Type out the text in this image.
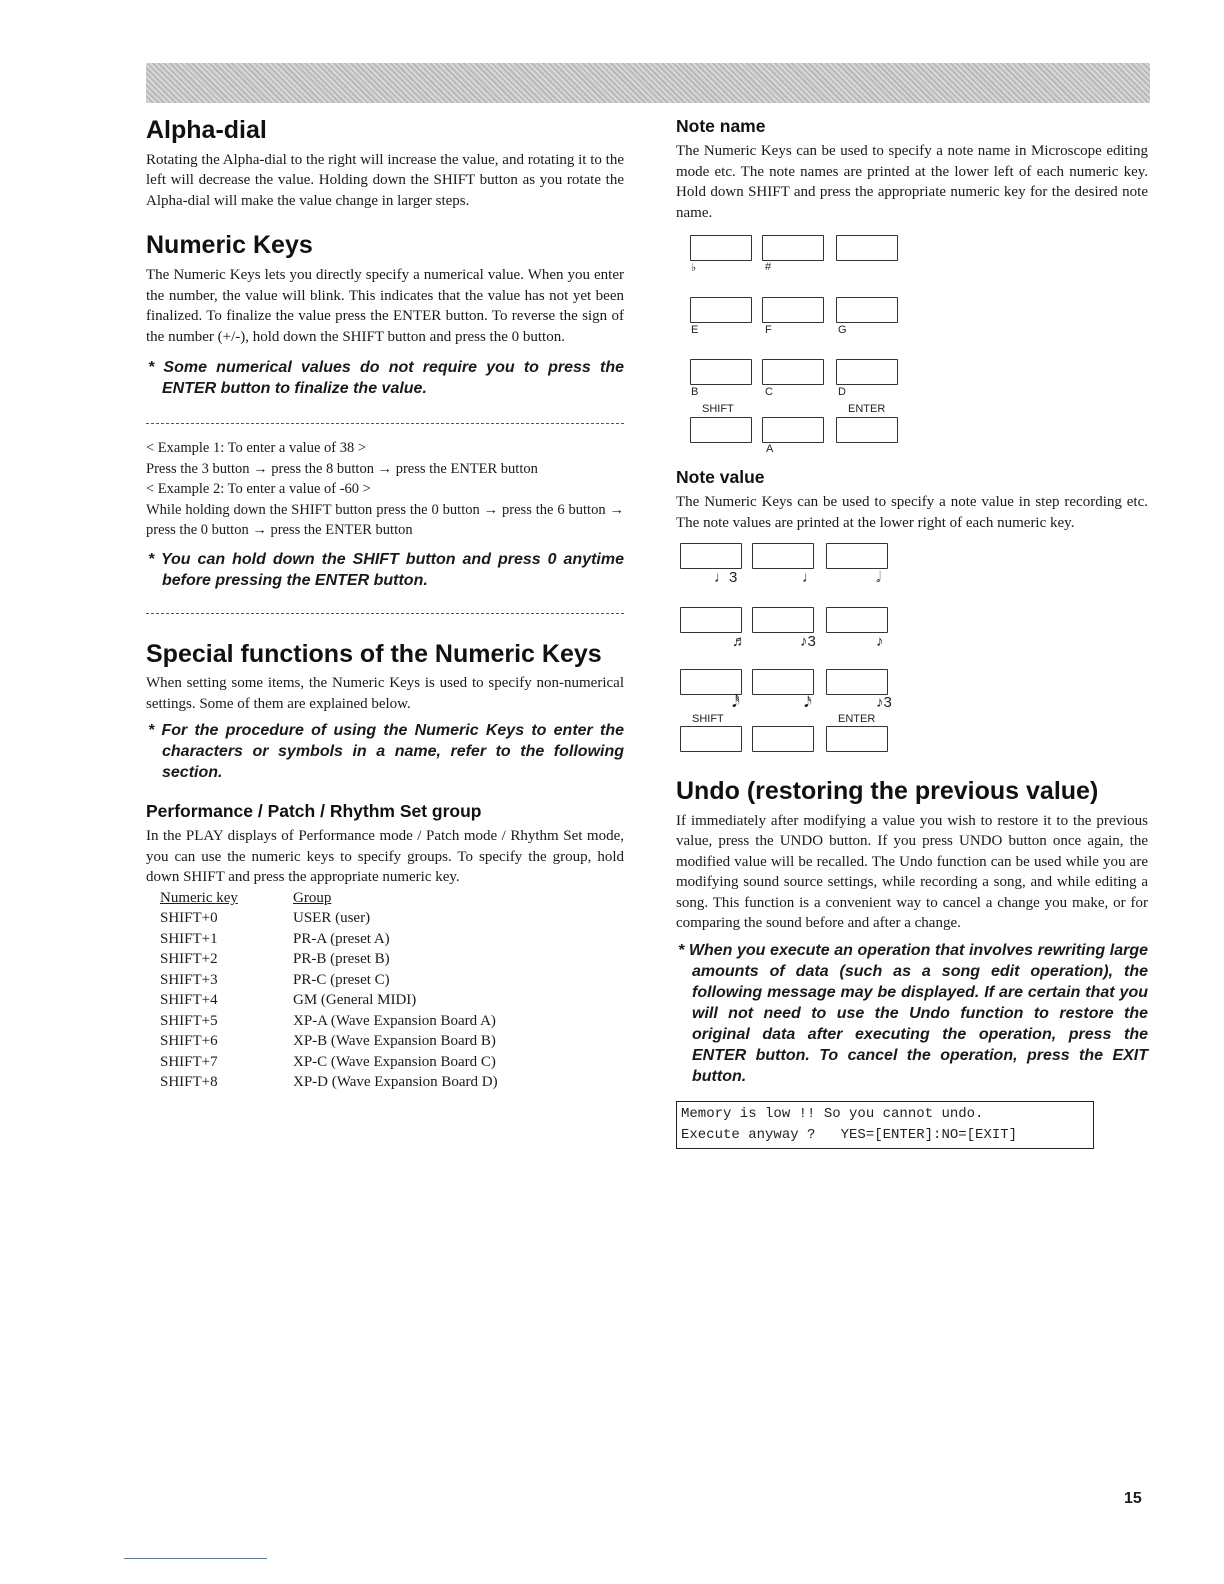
Alpha-dial

Rotating the Alpha-dial to the right will increase the value, and rotating it to the left will decrease the value. Holding down the SHIFT button as you rotate the Alpha-dial will make the value change in larger steps.

Numeric Keys

The Numeric Keys lets you directly specify a numerical value. When you enter the number, the value will blink. This indicates that the value has not yet been finalized. To finalize the value press the ENTER button. To reverse the sign of the number (+/-), hold down the SHIFT button and press the 0 button.

* Some numerical values do not require you to press the ENTER button to finalize the value.

< Example 1: To enter a value of 38 >

Press the 3 button → press the 8 button → press the ENTER button

< Example 2: To enter a value of -60 >

While holding down the SHIFT button press the 0 button → press the 6 button → press the 0 button → press the ENTER button

* You can hold down the SHIFT button and press 0 anytime before pressing the ENTER button.

Special functions of the Numeric Keys

When setting some items, the Numeric Keys is used to specify non-numerical settings. Some of them are explained below.

* For the procedure of using the Numeric Keys to enter the characters or symbols in a name, refer to the following section.

Performance / Patch / Rhythm Set group

In the PLAY displays of Performance mode / Patch mode / Rhythm Set mode, you can use the numeric keys to specify groups. To specify the group, hold down SHIFT and press the appropriate numeric key.

Numeric key	Group
SHIFT+0	USER (user)
SHIFT+1	PR-A (preset A)
SHIFT+2	PR-B (preset B)
SHIFT+3	PR-C (preset C)
SHIFT+4	GM (General MIDI)
SHIFT+5	XP-A (Wave Expansion Board A)
SHIFT+6	XP-B (Wave Expansion Board B)
SHIFT+7	XP-C (Wave Expansion Board C)
SHIFT+8	XP-D (Wave Expansion Board D)
Note name

The Numeric Keys can be used to specify a note name in Microscope editing mode etc. The note names are printed at the lower left of each numeric key. Hold down SHIFT and press the appropriate numeric key for the desired note name.

♭	#
E	F	G
B	C	D
SHIFT	ENTER
A
Note value

The Numeric Keys can be used to specify a note value in step recording etc. The note values are printed at the lower right of each numeric key.

♩3	♩	𝅗𝅥
♬	♪3	♪
𝅘𝅥𝅰	𝅘𝅥𝅯	♪3
SHIFT	ENTER
Undo (restoring the previous value)

If immediately after modifying a value you wish to restore it to the previous value, press the UNDO button. If you press UNDO button once again, the modified value will be recalled. The Undo function can be used while you are modifying sound source settings, while recording a song, and while editing a song. This function is a convenient way to cancel a change you make, or for comparing the sound before and after a change.

* When you execute an operation that involves rewriting large amounts of data (such as a song edit operation), the following message may be displayed. If are certain that you will not need to use the Undo function to restore the original data after executing the operation, press the ENTER button. To cancel the operation, press the EXIT button.

Memory is low !! So you cannot undo.
Execute anyway ?   YES=[ENTER]:NO=[EXIT]
15
